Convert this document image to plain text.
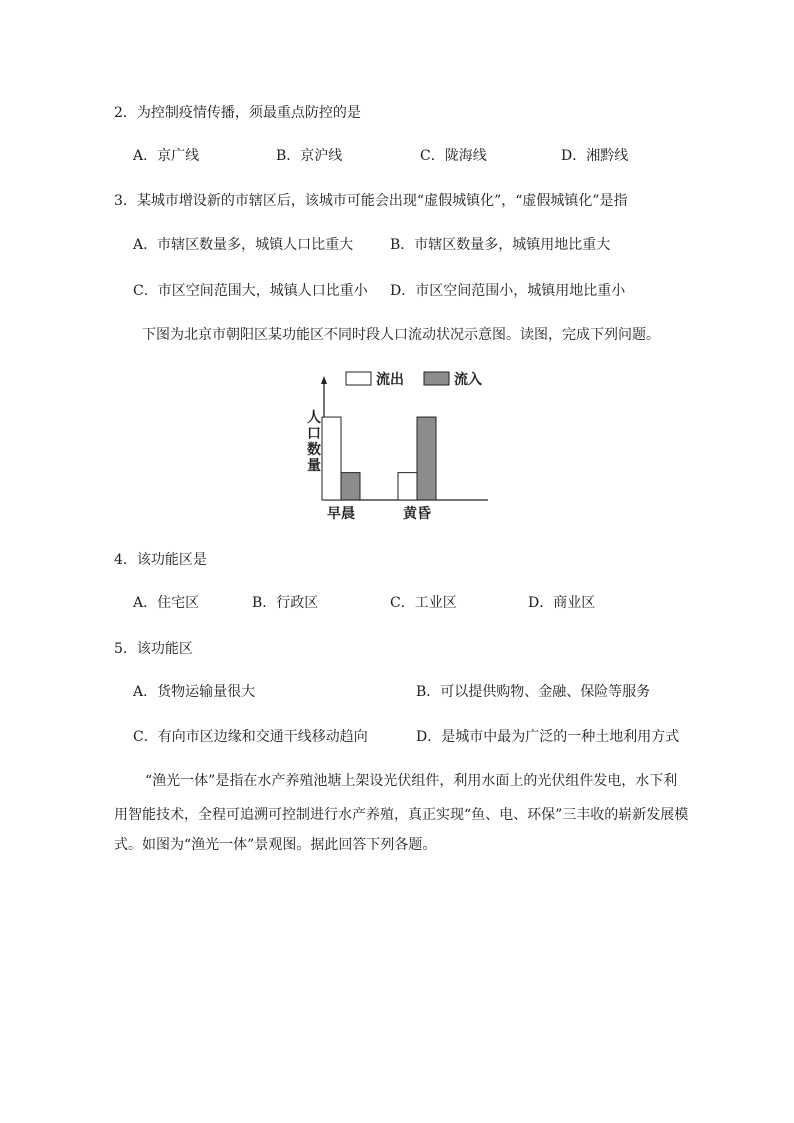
2．为控制疫情传播，须最重点防控的是
A．京广线	B．京沪线	C．陇海线	D．湘黔线
3．某城市增设新的市辖区后，该城市可能会出现“虚假城镇化”，“虚假城镇化”是指
A．市辖区数量多，城镇人口比重大	B．市辖区数量多，城镇用地比重大
C．市区空间范围大，城镇人口比重小 D．市区空间范围小，城镇用地比重小
下图为北京市朝阳区某功能区不同时段人口流动状况示意图。读图，完成下列问题。
人口数量
早晨	黄昏
流出	流入
4．该功能区是
A．住宅区	B．行政区	C．工业区	D．商业区
5．该功能区
A．货物运输量很大	B．可以提供购物、金融、保险等服务
C．有向市区边缘和交通干线移动趋向	D．是城市中最为广泛的一种土地利用方式
“渔光一体”是指在水产养殖池塘上架设光伏组件，利用水面上的光伏组件发电，水下利
用智能技术，全程可追溯可控制进行水产养殖，真正实现“鱼、电、环保”三丰收的崭新发展模
式。如图为“渔光一体”景观图。据此回答下列各题。
